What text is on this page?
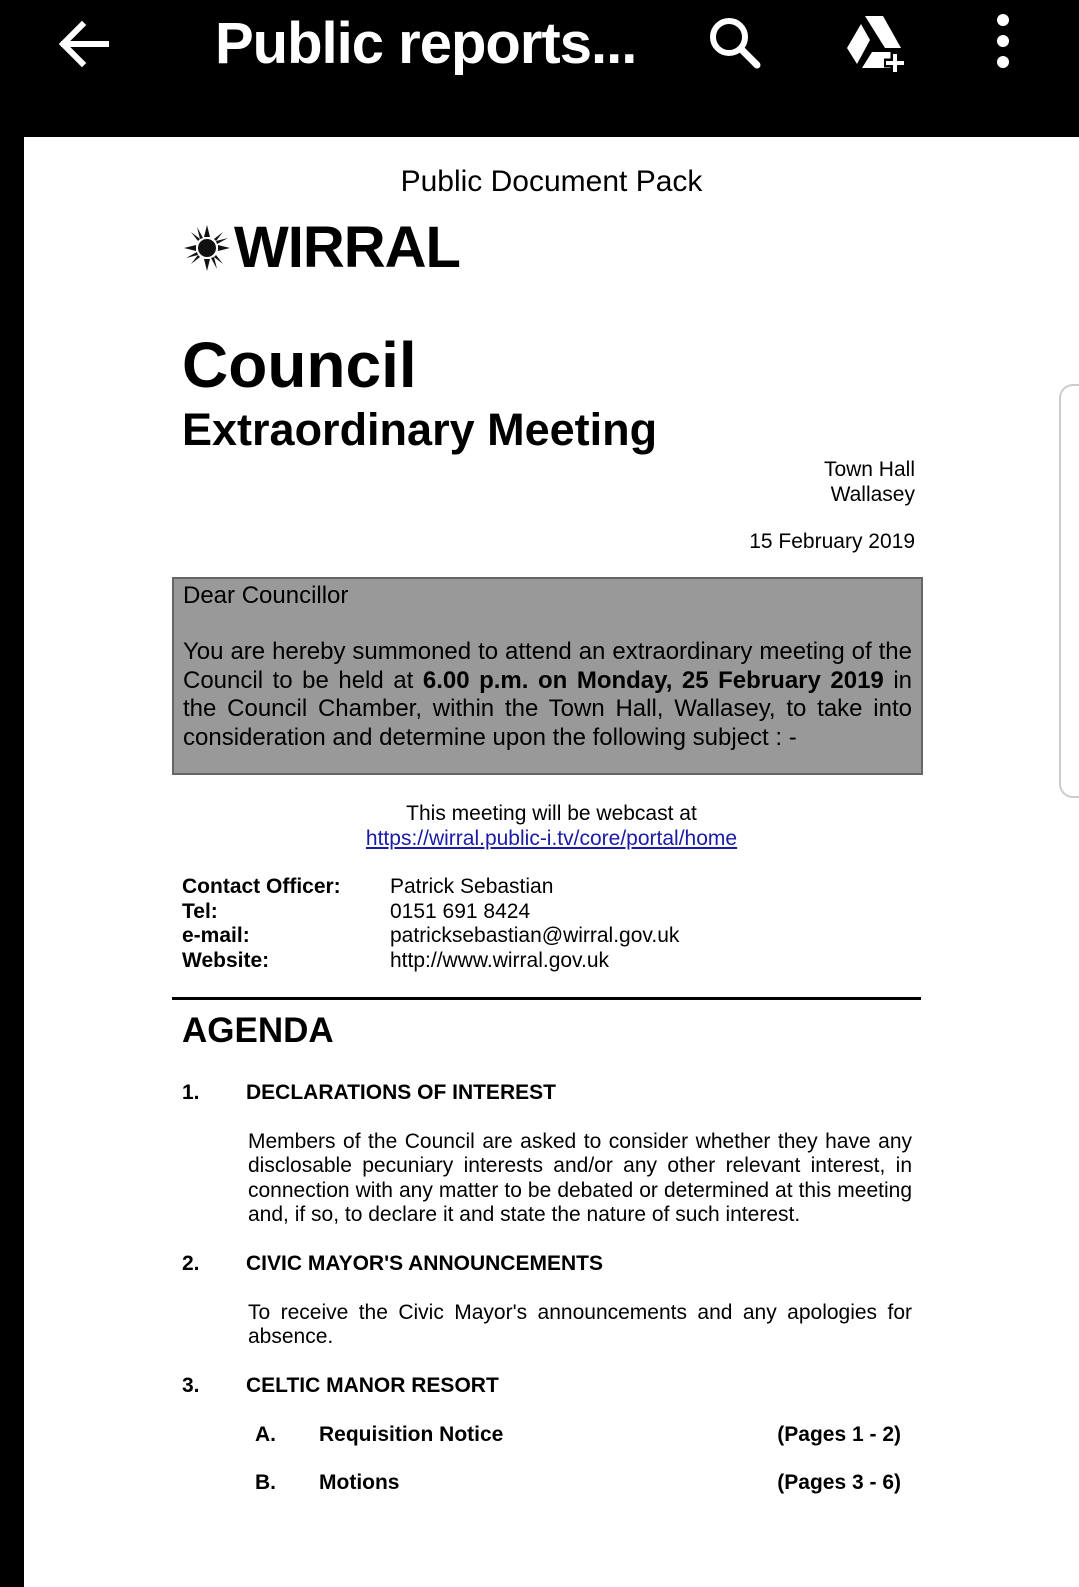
Public reports...
Public Document Pack
WIRRAL
Council
Extraordinary Meeting
Town Hall
Wallasey
15 February 2019
Dear Councillor
You are hereby summoned to attend an extraordinary meeting of the Council to be held at 6.00 p.m. on Monday, 25 February 2019 in the Council Chamber, within the Town Hall, Wallasey, to take into consideration and determine upon the following subject : -
This meeting will be webcast at
https://wirral.public-i.tv/core/portal/home
Contact Officer:	Patrick Sebastian
Tel:	0151 691 8424
e-mail:	patricksebastian@wirral.gov.uk
Website:	http://www.wirral.gov.uk
AGENDA
1. DECLARATIONS OF INTEREST
Members of the Council are asked to consider whether they have any disclosable pecuniary interests and/or any other relevant interest, in connection with any matter to be debated or determined at this meeting and, if so, to declare it and state the nature of such interest.
2. CIVIC MAYOR'S ANNOUNCEMENTS
To receive the Civic Mayor's announcements and any apologies for absence.
3. CELTIC MANOR RESORT
A. Requisition Notice	(Pages 1 - 2)
B. Motions	(Pages 3 - 6)
